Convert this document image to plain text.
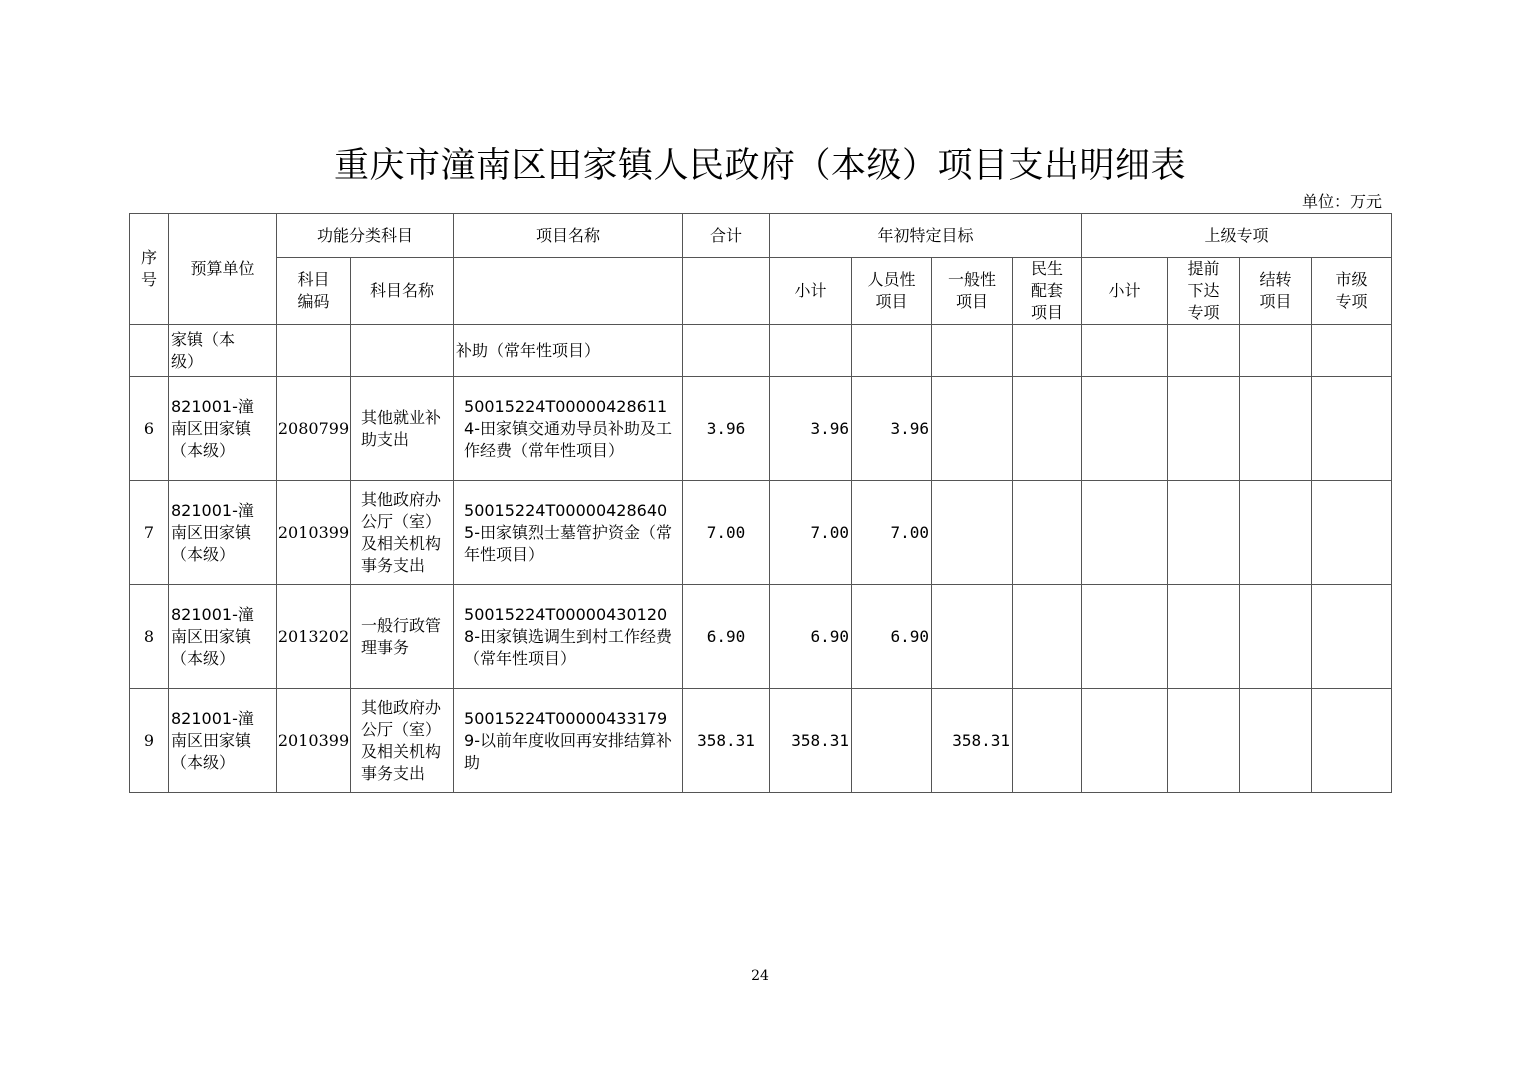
重庆市潼南区田家镇人民政府（本级）项目支出明细表
单位：万元
序号	预算单位	功能分类科目		项目名称	合计	年初特定目标				上级专项			
		科目编码	科目名称			小计	人员性项目	一般性项目	民生配套项目	小计	提前下达专项	结转项目	市级专项
	家镇（本级）			补助（常年性项目）									
6	821001-潼南区田家镇（本级）	2080799	其他就业补助支出	50015224T000004286114-田家镇交通劝导员补助及工作经费（常年性项目）	3.96	3.96	3.96						
7	821001-潼南区田家镇（本级）	2010399	其他政府办公厅（室）及相关机构事务支出	50015224T000004286405-田家镇烈士墓管护资金（常年性项目）	7.00	7.00	7.00						
8	821001-潼南区田家镇（本级）	2013202	一般行政管理事务	50015224T000004301208-田家镇选调生到村工作经费（常年性项目）	6.90	6.90	6.90						
9	821001-潼南区田家镇（本级）	2010399	其他政府办公厅（室）及相关机构事务支出	50015224T000004331799-以前年度收回再安排结算补助	358.31	358.31		358.31					
24
